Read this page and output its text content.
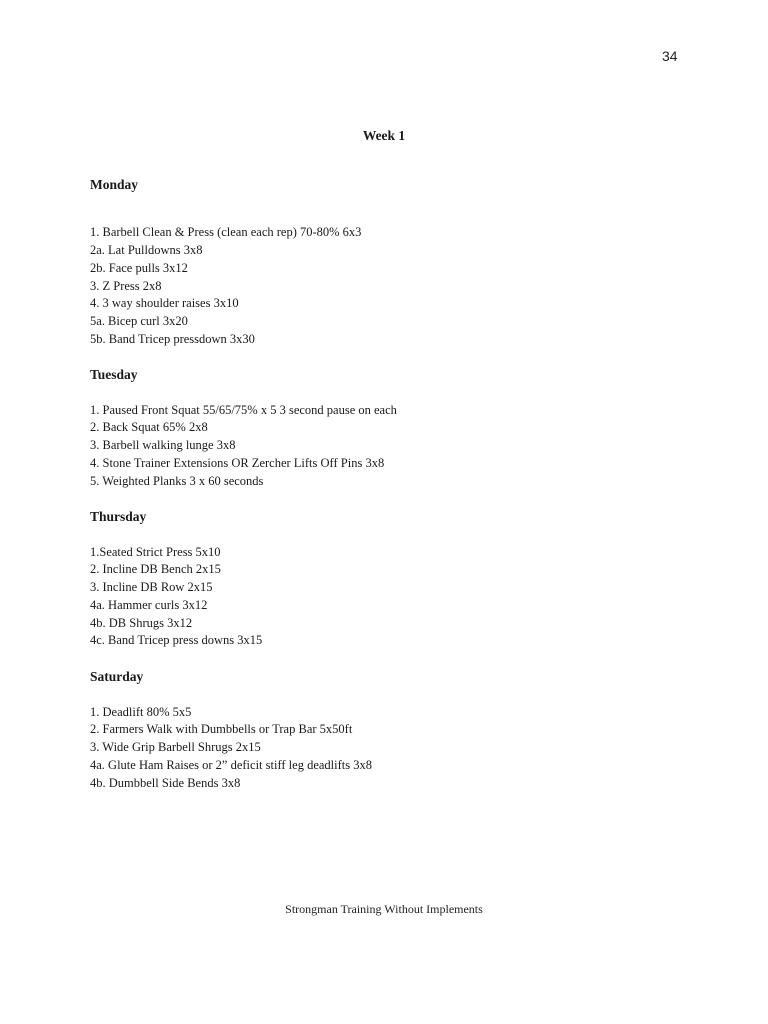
34
Week 1
Monday
1. Barbell Clean & Press (clean each rep) 70-80% 6x3
2a. Lat Pulldowns 3x8
2b. Face pulls 3x12
3. Z Press 2x8
4. 3 way shoulder raises 3x10
5a. Bicep curl 3x20
5b. Band Tricep pressdown 3x30
Tuesday
1. Paused Front Squat 55/65/75% x 5 3 second pause on each
2. Back Squat 65% 2x8
3. Barbell walking lunge 3x8
4. Stone Trainer Extensions OR Zercher Lifts Off Pins 3x8
5. Weighted Planks 3 x 60 seconds
Thursday
1.Seated Strict Press 5x10
2. Incline DB Bench 2x15
3. Incline DB Row 2x15
4a. Hammer curls 3x12
4b. DB Shrugs 3x12
4c. Band Tricep press downs 3x15
Saturday
1. Deadlift 80% 5x5
2. Farmers Walk with Dumbbells or Trap Bar 5x50ft
3. Wide Grip Barbell Shrugs 2x15
4a. Glute Ham Raises or 2” deficit stiff leg deadlifts 3x8
4b. Dumbbell Side Bends 3x8
Strongman Training Without Implements
